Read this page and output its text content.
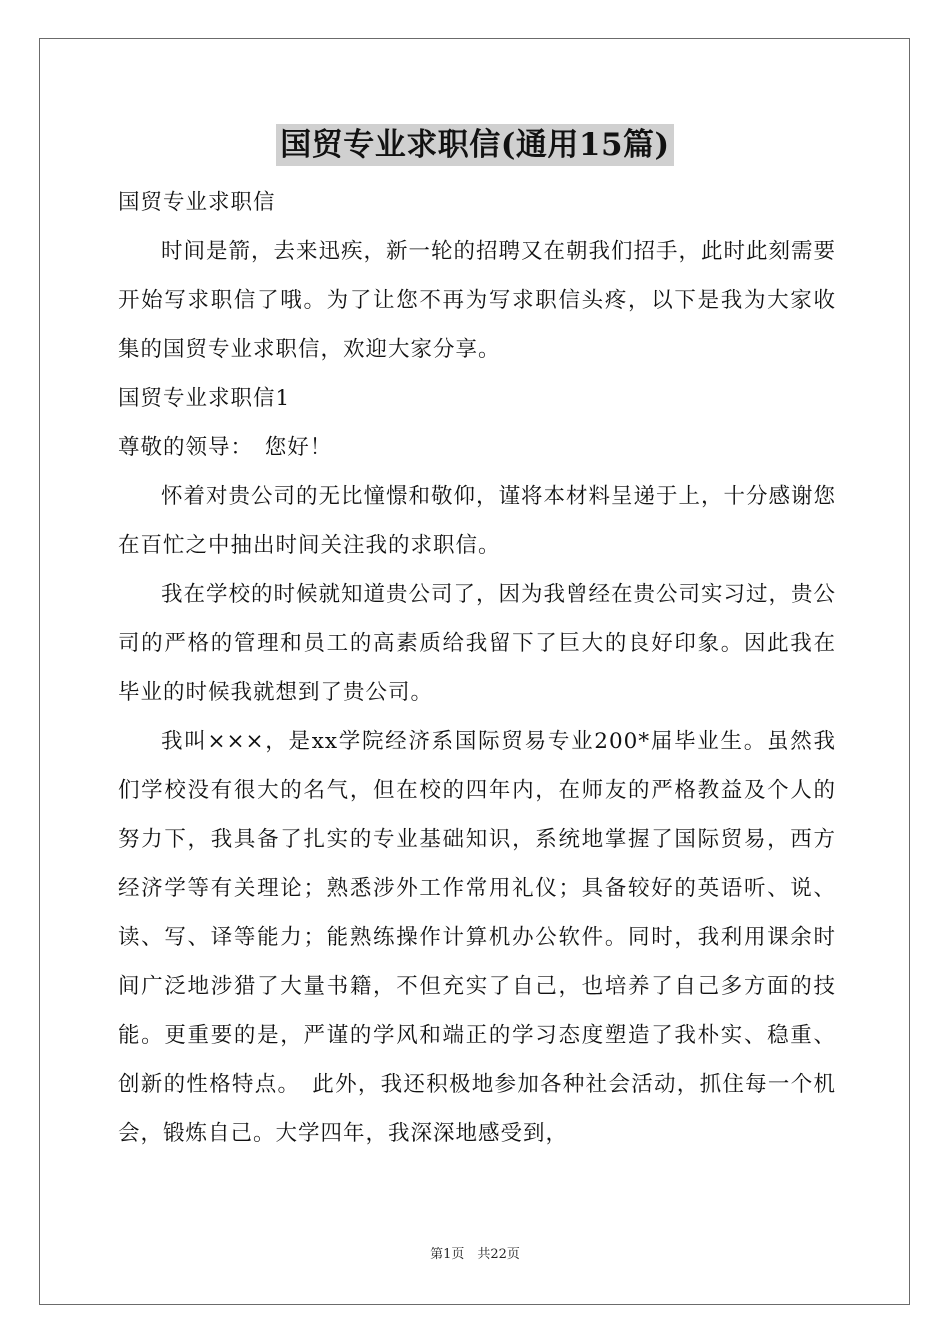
国贸专业求职信(通用15篇)

国贸专业求职信

时间是箭，去来迅疾，新一轮的招聘又在朝我们招手，此时此刻需要开始写求职信了哦。为了让您不再为写求职信头疼，以下是我为大家收集的国贸专业求职信，欢迎大家分享。

国贸专业求职信1

尊敬的领导：　您好！

怀着对贵公司的无比憧憬和敬仰，谨将本材料呈递于上，十分感谢您在百忙之中抽出时间关注我的求职信。

我在学校的时候就知道贵公司了，因为我曾经在贵公司实习过，贵公司的严格的管理和员工的高素质给我留下了巨大的良好印象。因此我在毕业的时候我就想到了贵公司。

我叫×××，是xx学院经济系国际贸易专业200*届毕业生。虽然我们学校没有很大的名气，但在校的四年内，在师友的严格教益及个人的努力下，我具备了扎实的专业基础知识，系统地掌握了国际贸易，西方经济学等有关理论；熟悉涉外工作常用礼仪；具备较好的英语听、说、读、写、译等能力；能熟练操作计算机办公软件。同时，我利用课余时间广泛地涉猎了大量书籍，不但充实了自己，也培养了自己多方面的技能。更重要的是，严谨的学风和端正的学习态度塑造了我朴实、稳重、创新的性格特点。　此外，我还积极地参加各种社会活动，抓住每一个机会，锻炼自己。大学四年，我深深地感受到，

第1页　共22页
